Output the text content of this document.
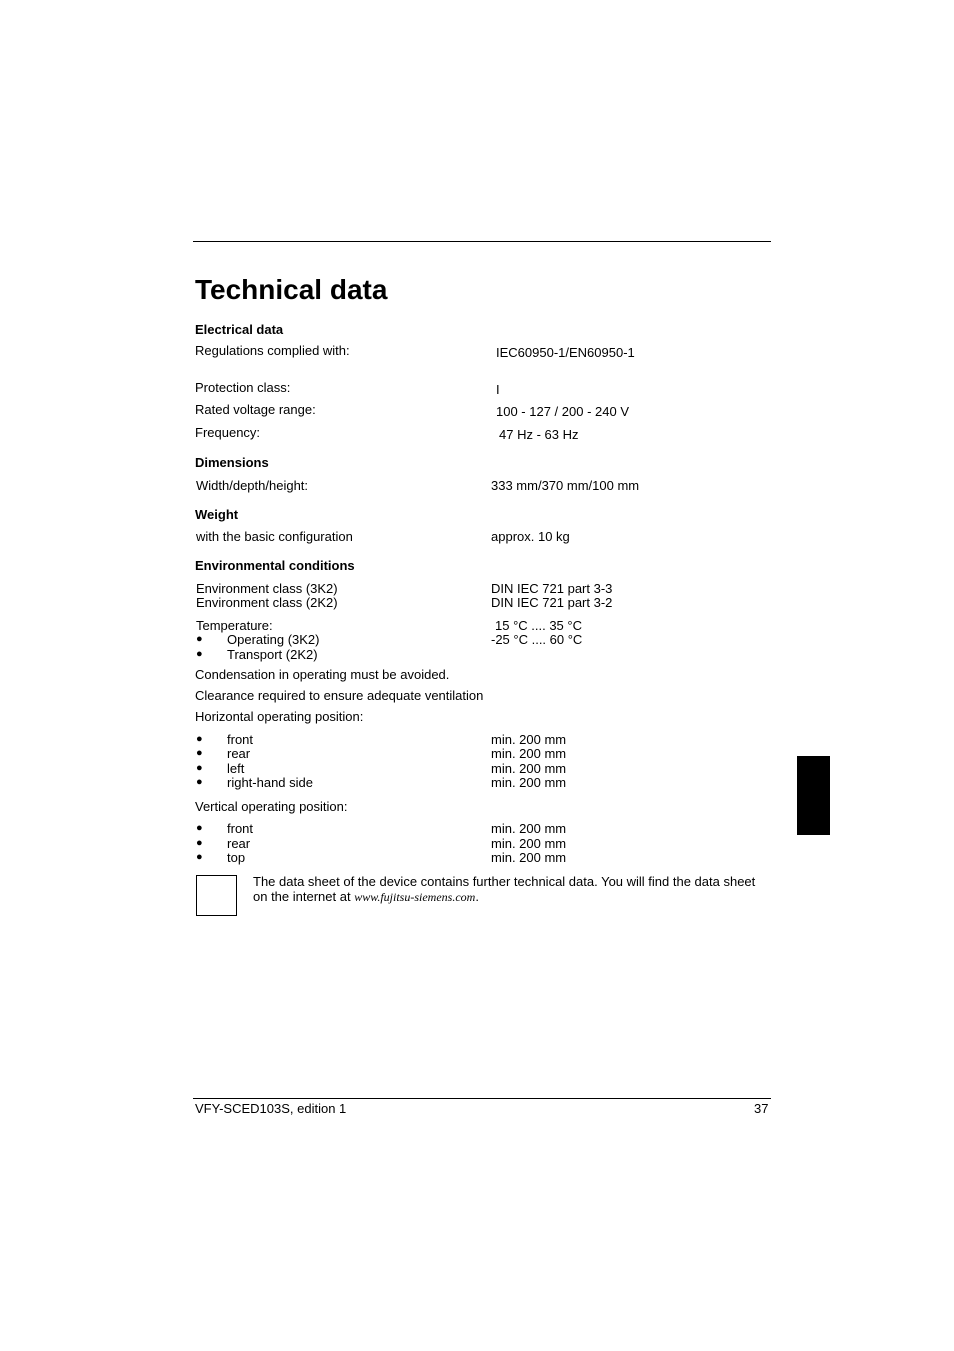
Technical data
Electrical data
Regulations complied with:	IEC60950-1/EN60950-1
Protection class:	I
Rated voltage range:	100 - 127 / 200 - 240 V
Frequency:	47 Hz - 63 Hz
Dimensions
Width/depth/height:	333 mm/370 mm/100 mm
Weight
with the basic configuration	approx. 10 kg
Environmental conditions
Environment class (3K2)	DIN IEC 721 part 3-3
Environment class (2K2)	DIN IEC 721 part 3-2
Temperature:	15 °C .... 35 °C
● Operating (3K2)	-25 °C .... 60 °C
● Transport (2K2)
Condensation in operating must be avoided.
Clearance required to ensure adequate ventilation
Horizontal operating position:
● front	min. 200 mm
● rear	min. 200 mm
● left	min. 200 mm
● right-hand side	min. 200 mm
Vertical operating position:
● front	min. 200 mm
● rear	min. 200 mm
● top	min. 200 mm
The data sheet of the device contains further technical data. You will find the data sheet
on the internet at www.fujitsu-siemens.com.
VFY-SCED103S, edition 1	37
